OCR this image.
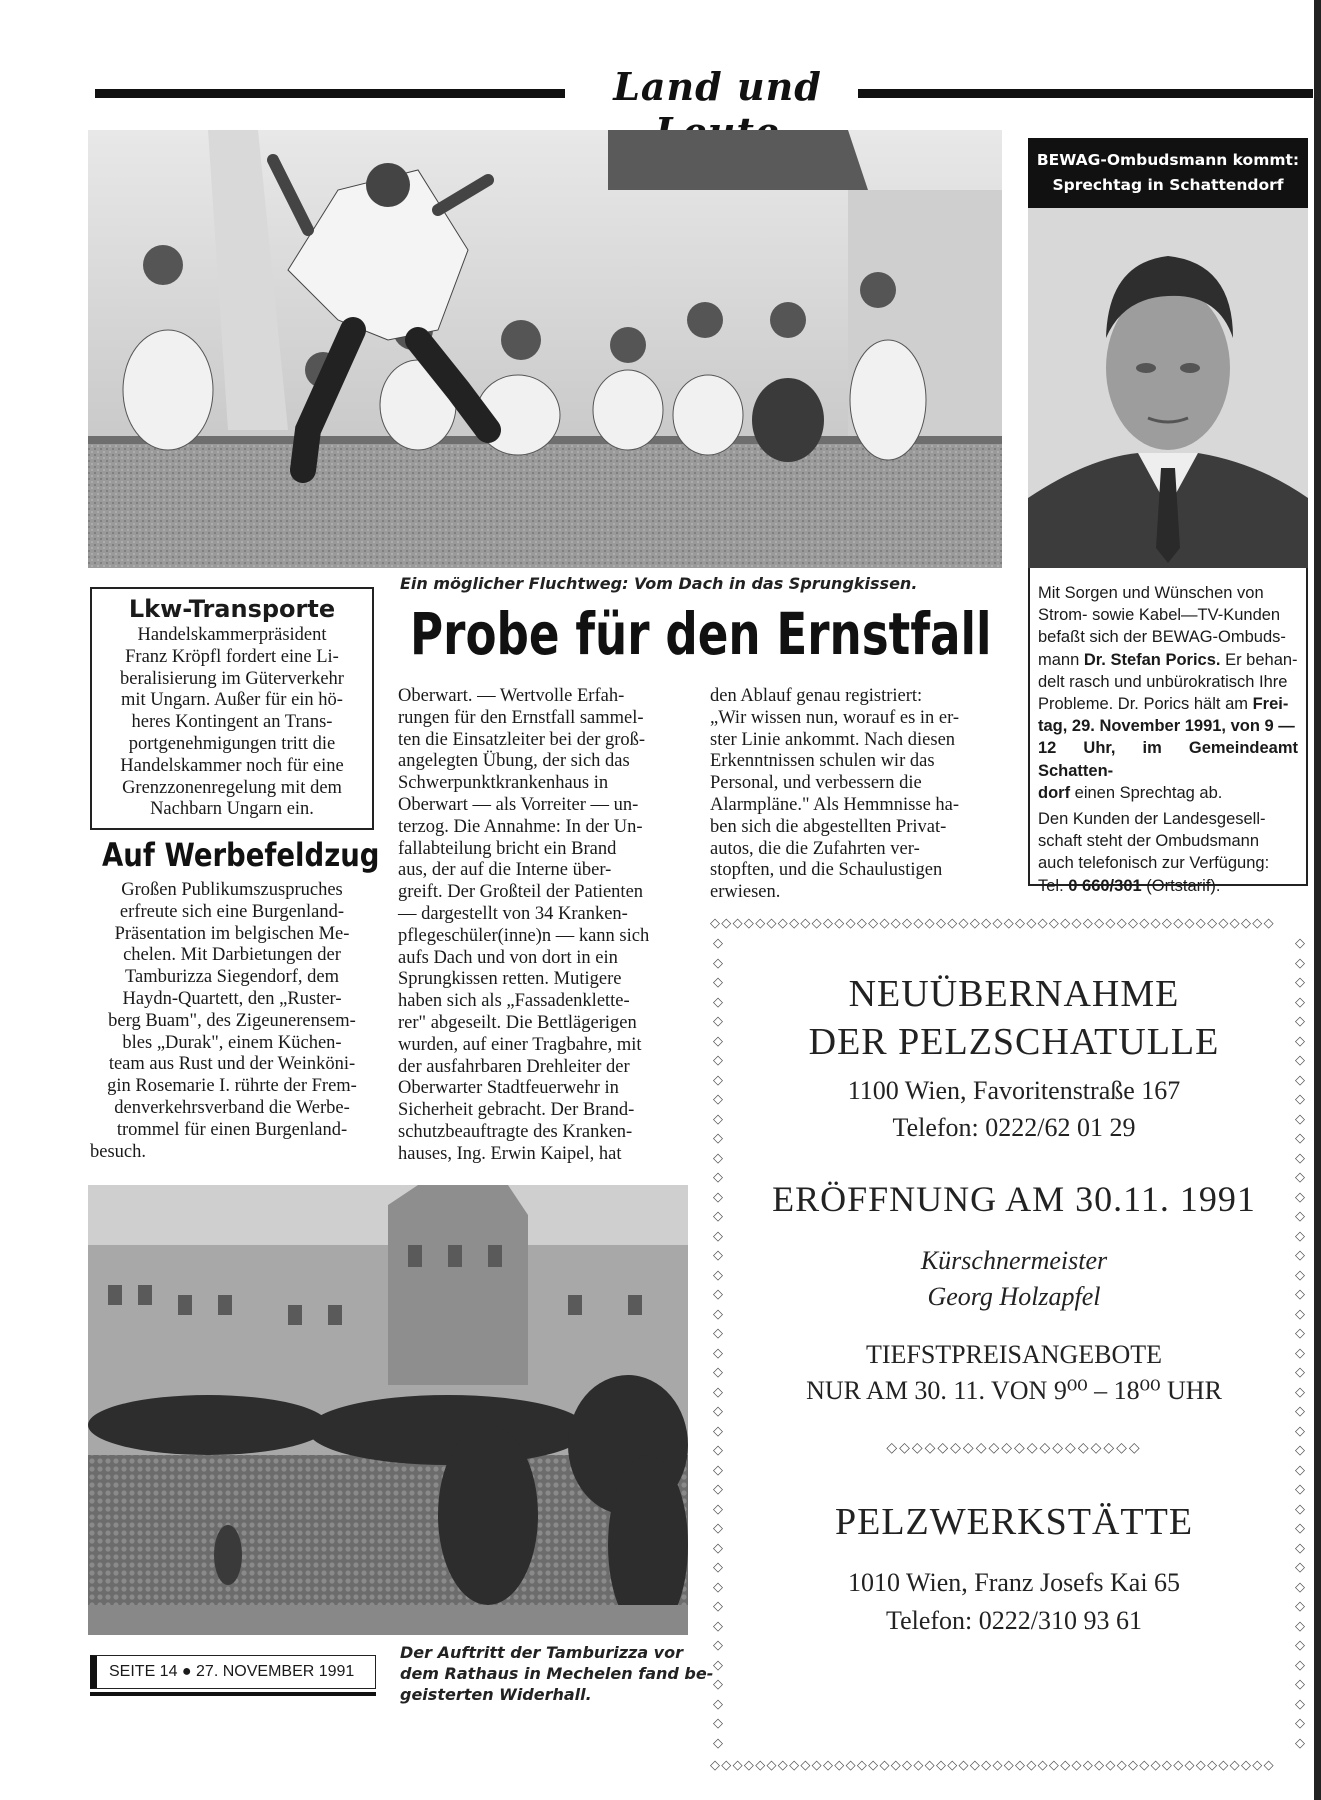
Land und
Ein möglicher Fluchtweg: Vom Dach in das Sprungkissen.
BEWAG-Ombudsmann kommt:
Sprechtag in Schattendorf
Mit Sorgen und Wünschen von
Strom- sowie Kabel—TV-Kunden
befaßt sich der BEWAG-Ombuds-
mann Dr. Stefan Porics. Er behan-
delt rasch und unbürokratisch Ihre
Probleme. Dr. Porics hält am Frei-
tag, 29. November 1991, von 9 —
12 Uhr, im Gemeindeamt Schatten-
dorf einen Sprechtag ab.
Den Kunden der Landesgesell-
schaft steht der Ombudsmann
auch telefonisch zur Verfügung:
Tel. 0 660/301 (Ortstarif).
Lkw-Transporte
Handelskammerpräsident
Franz Kröpfl fordert eine Li-
beralisierung im Güterverkehr
mit Ungarn. Außer für ein hö-
heres Kontingent an Trans-
portgenehmigungen tritt die
Handelskammer noch für eine
Grenzzonenregelung mit dem
Nachbarn Ungarn ein.
Auf Werbefeldzug
Großen Publikumszuspruches
erfreute sich eine Burgenland-
Präsentation im belgischen Me-
chelen. Mit Darbietungen der
Tamburizza Siegendorf, dem
Haydn-Quartett, den „Ruster-
berg Buam", des Zigeunerensem-
bles „Durak", einem Küchen-
team aus Rust und der Weinköni-
gin Rosemarie I. rührte der Frem-
denverkehrsverband die Werbe-
trommel für einen Burgenland-
besuch.
Probe für den Ernstfall
Oberwart. — Wertvolle Erfah-
rungen für den Ernstfall sammel-
ten die Einsatzleiter bei der groß-
angelegten Übung, der sich das
Schwerpunktkrankenhaus in
Oberwart — als Vorreiter — un-
terzog. Die Annahme: In der Un-
fallabteilung bricht ein Brand
aus, der auf die Interne über-
greift. Der Großteil der Patienten
— dargestellt von 34 Kranken-
pflegeschüler(inne)n — kann sich
aufs Dach und von dort in ein
Sprungkissen retten. Mutigere
haben sich als „Fassadenklette-
rer" abgeseilt. Die Bettlägerigen
wurden, auf einer Tragbahre, mit
der ausfahrbaren Drehleiter der
Oberwarter Stadtfeuerwehr in
Sicherheit gebracht. Der Brand-
schutzbeauftragte des Kranken-
hauses, Ing. Erwin Kaipel, hat
den Ablauf genau registriert:
„Wir wissen nun, worauf es in er-
ster Linie ankommt. Nach diesen
Erkenntnissen schulen wir das
Personal, und verbessern die
Alarmpläne." Als Hemmnisse ha-
ben sich die abgestellten Privat-
autos, die die Zufahrten ver-
stopften, und die Schaulustigen
erwiesen.
Der Auftritt der Tamburizza vor
dem Rathaus in Mechelen fand be-
geisterten Widerhall.
SEITE 14 ● 27. NOVEMBER 1991
◇◇◇◇◇◇◇◇◇◇◇◇◇◇◇◇◇◇◇◇◇◇◇◇◇◇◇◇◇◇◇◇◇◇◇◇◇◇◇◇◇◇◇◇◇◇◇◇◇◇
◇◇◇◇◇◇◇◇◇◇◇◇◇◇◇◇◇◇◇◇◇◇◇◇◇◇◇◇◇◇◇◇◇◇◇◇◇◇◇◇◇◇◇◇◇◇◇◇◇◇
◇
◇
◇
◇
◇
◇
◇
◇
◇
◇
◇
◇
◇
◇
◇
◇
◇
◇
◇
◇
◇
◇
◇
◇
◇
◇
◇
◇
◇
◇
◇
◇
◇
◇
◇
◇
◇
◇
◇
◇
◇
◇
◇
◇
◇
◇
◇
◇
◇
◇
◇
◇
◇
◇
◇
◇
◇
◇
◇
◇
◇
◇
◇
◇
◇
◇
◇
◇
◇
◇
◇
◇
◇
◇
◇
◇
◇
◇
◇
◇
◇
◇
◇
◇
NEUÜBERNAHME
DER PELZSCHATULLE
1100 Wien, Favoritenstraße 167
Telefon: 0222/62 01 29
ERÖFFNUNG AM 30.11. 1991
Kürschnermeister
Georg Holzapfel
TIEFSTPREISANGEBOTE
NUR AM 30. 11. VON 9⁰⁰ – 18⁰⁰ UHR
◇◇◇◇◇◇◇◇◇◇◇◇◇◇◇◇◇◇◇◇
PELZWERKSTÄTTE
1010 Wien, Franz Josefs Kai 65
Telefon: 0222/310 93 61
